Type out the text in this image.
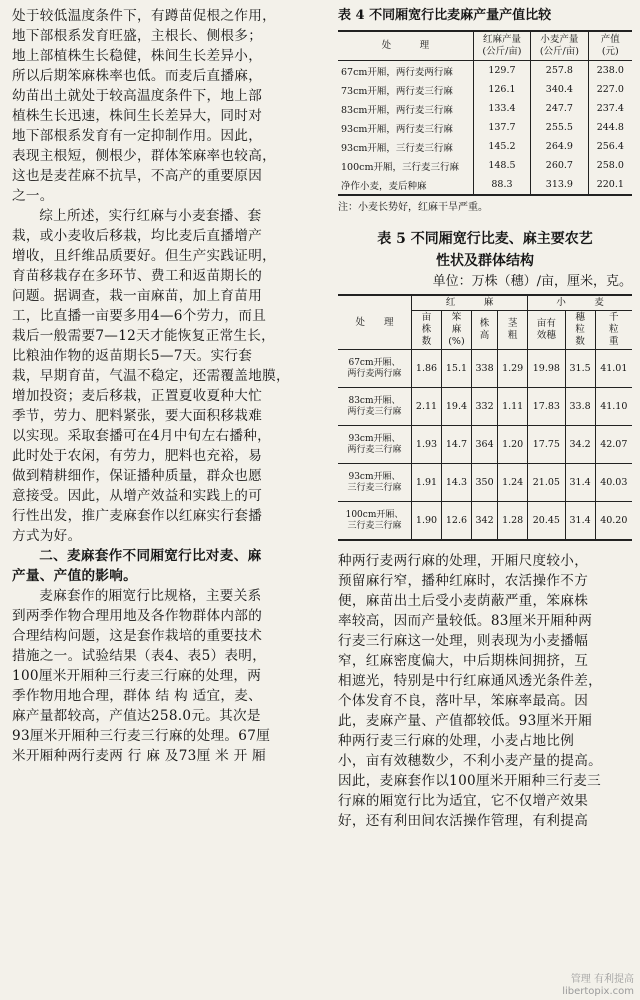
处于较低温度条件下，有蹲苗促根之作用，
地下部根系发育旺盛，主根长、侧根多；
地上部植株生长稳健，株间生长差异小，
所以后期笨麻株率也低。而麦后直播麻，
幼苗出土就处于较高温度条件下，地上部
植株生长迅速，株间生长差异大，同时对
地下部根系发育有一定抑制作用。因此，
表现主根短，侧根少，群体笨麻率也较高，
这也是麦茬麻不抗旱，不高产的重要原因
之一。

综上所述，实行红麻与小麦套播、套
栽，或小麦收后移栽，均比麦后直播增产
增收，且纤维品质要好。但生产实践证明，
育苗移栽存在多环节、费工和返苗期长的
问题。据调查，栽一亩麻苗，加上育苗用
工，比直播一亩要多用4—6个劳力，而且
栽后一般需要7—12天才能恢复正常生长，
比粮油作物的返苗期长5—7天。实行套
栽，早期育苗，气温不稳定，还需覆盖地膜，
增加投资；麦后移栽，正置夏收夏种大忙
季节，劳力、肥料紧张，要大面积移栽难
以实现。采取套播可在4月中旬左右播种，
此时处于农闲，有劳力，肥料也充裕，易
做到精耕细作，保证播种质量，群众也愿
意接受。因此，从增产效益和实践上的可
行性出发，推广麦麻套作以红麻实行套播
方式为好。

二、麦麻套作不同厢宽行比对麦、麻
产量、产值的影响。

麦麻套作的厢宽行比规格，主要关系
到两季作物合理用地及各作物群体内部的
合理结构问题，这是套作栽培的重要技术
措施之一。试验结果（表4、表5）表明，
100厘米开厢种三行麦三行麻的处理，两
季作物用地合理，群体 结 构 适宜，麦、
麻产量都较高，产值达258.0元。其次是
93厘米开厢种三行麦三行麻的处理。67厘
米开厢种两行麦两 行 麻 及73厘 米 开 厢

表 4 不同厢宽行比麦麻产量产值比较

处　　　理	红麻产量
(公斤/亩)	小麦产量
(公斤/亩)	产值
(元)
67cm开厢，两行麦两行麻	129.7	257.8	238.0
73cm开厢，两行麦三行麻	126.1	340.4	227.0
83cm开厢，两行麦三行麻	133.4	247.7	237.4
93cm开厢，两行麦三行麻	137.7	255.5	244.8
93cm开厢，三行麦三行麻	145.2	264.9	256.4
100cm开厢，三行麦三行麻	148.5	260.7	258.0
净作小麦，麦后种麻	88.3	313.9	220.1

注：小麦长势好，红麻干旱严重。

表 5 不同厢宽行比麦、麻主要农艺
性状及群体结构

单位：万株（穗）/亩，厘米，克。

处　　理	红　　　麻				小　　　麦		
	亩
株
数	笨
麻
(%)	株
高	茎
粗	亩有
效穗	穗
粒
数	千
粒
重
67cm开厢、
两行麦两行麻	1.86	15.1	338	1.29	19.98	31.5	41.01
83cm开厢、
两行麦三行麻	2.11	19.4	332	1.11	17.83	33.8	41.10
93cm开厢、
两行麦三行麻	1.93	14.7	364	1.20	17.75	34.2	42.07
93cm开厢、
三行麦三行麻	1.91	14.3	350	1.24	21.05	31.4	40.03
100cm开厢、
三行麦三行麻	1.90	12.6	342	1.28	20.45	31.4	40.20

种两行麦两行麻的处理，开厢尺度较小，
预留麻行窄，播种红麻时，农活操作不方
便，麻苗出土后受小麦荫蔽严重，笨麻株
率较高，因而产量较低。83厘米开厢种两
行麦三行麻这一处理，则表现为小麦播幅
窄，红麻密度偏大，中后期株间拥挤，互
相遮光，特别是中行红麻通风透光条件差，
个体发育不良，落叶早，笨麻率最高。因
此，麦麻产量、产值都较低。93厘米开厢
种两行麦三行麻的处理，小麦占地比例
小，亩有效穗数少，不利小麦产量的提高。
因此，麦麻套作以100厘米开厢种三行麦三
行麻的厢宽行比为适宜，它不仅增产效果
好，还有利田间农活操作管理，有利提高

管理 有利提高
libertopix.com
